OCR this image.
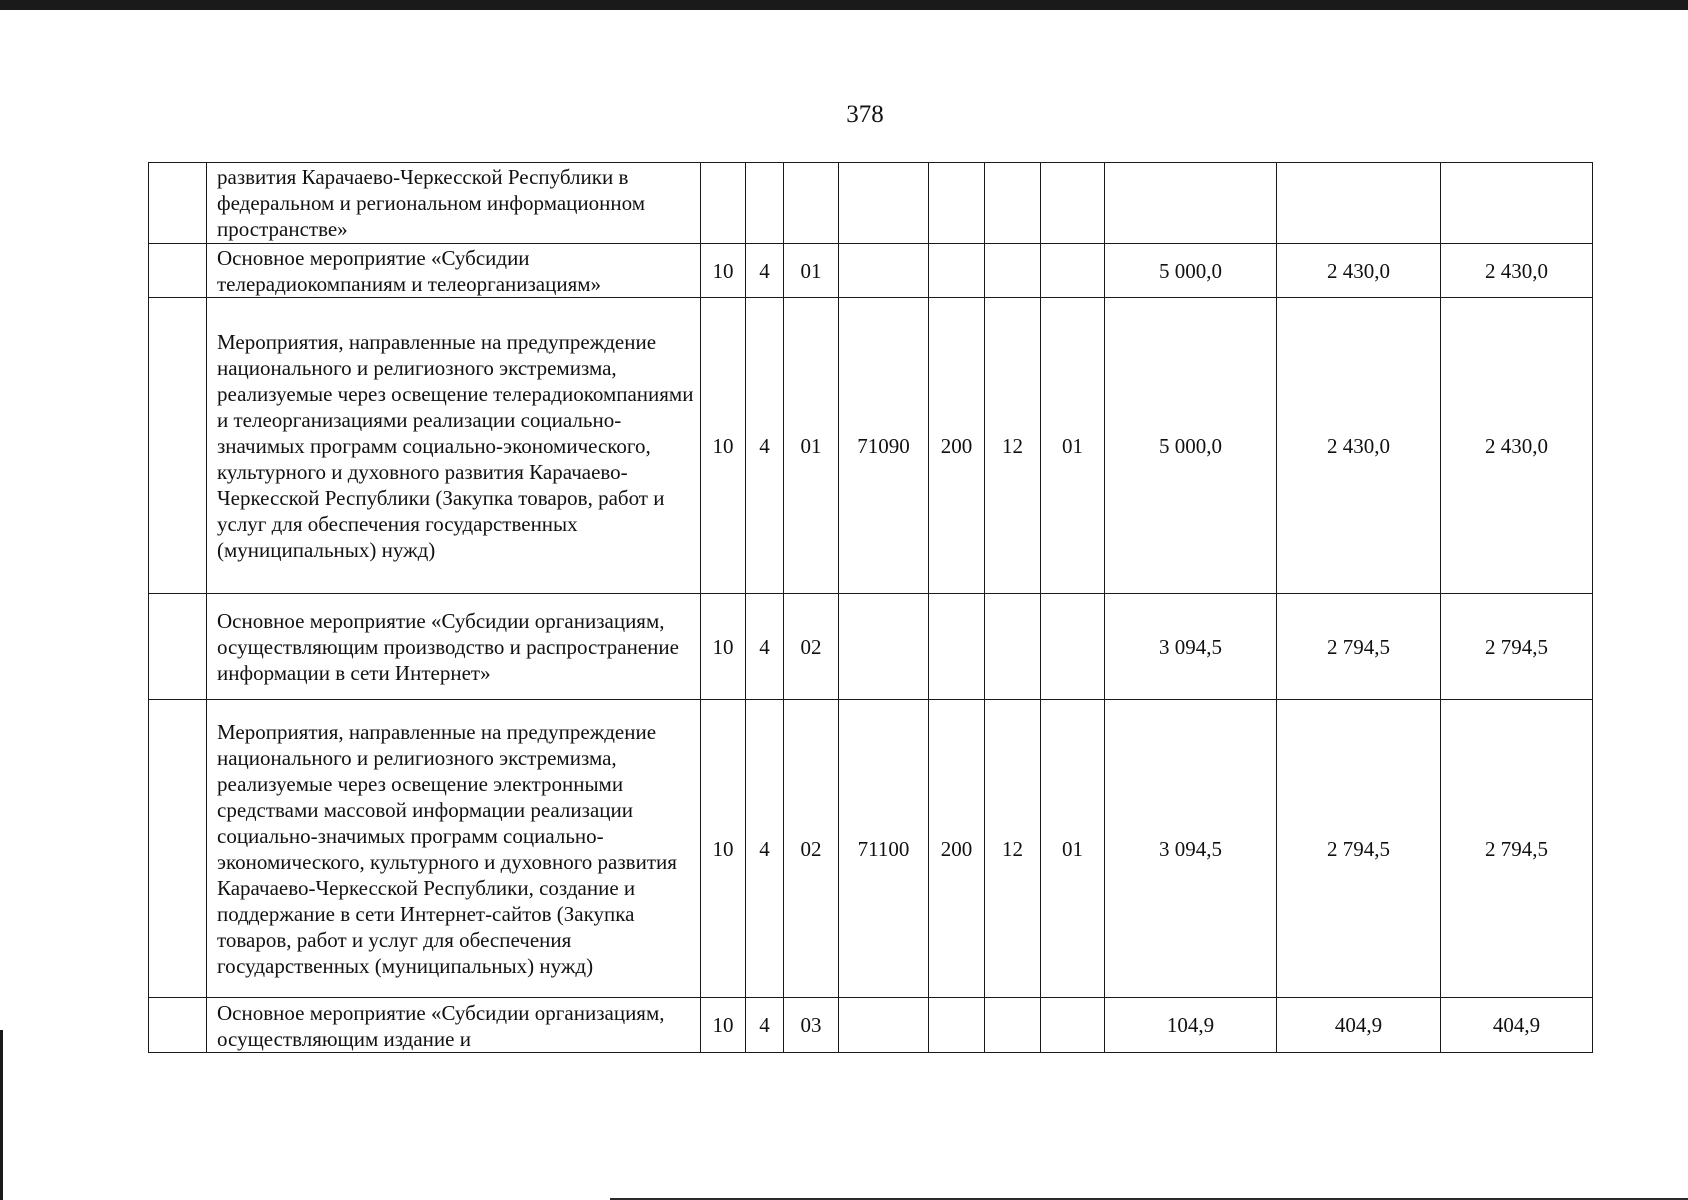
378
	развития Карачаево-Черкесской Республики в федеральном и региональном информационном пространстве»										
	Основное мероприятие «Субсидии телерадиокомпаниям и телеорганизациям»	10	4	01					5 000,0	2 430,0	2 430,0
	Мероприятия, направленные на предупреждение национального и религиозного экстремизма, реализуемые через освещение телерадиокомпаниями и телеорганизациями реализации социально-значимых программ социально-экономического, культурного и духовного развития Карачаево-Черкесской Республики (Закупка товаров, работ и услуг для обеспечения государственных (муниципальных) нужд)	10	4	01	71090	200	12	01	5 000,0	2 430,0	2 430,0
	Основное мероприятие «Субсидии организациям, осуществляющим производство и распространение информации в сети Интернет»	10	4	02					3 094,5	2 794,5	2 794,5
	Мероприятия, направленные на предупреждение национального и религиозного экстремизма, реализуемые через освещение электронными средствами массовой информации реализации социально-значимых программ социально-экономического, культурного и духовного развития Карачаево-Черкесской Республики, создание и поддержание в сети Интернет-сайтов (Закупка товаров, работ и услуг для обеспечения государственных (муниципальных) нужд)	10	4	02	71100	200	12	01	3 094,5	2 794,5	2 794,5
	Основное мероприятие «Субсидии организациям, осуществляющим издание и	10	4	03					104,9	404,9	404,9
